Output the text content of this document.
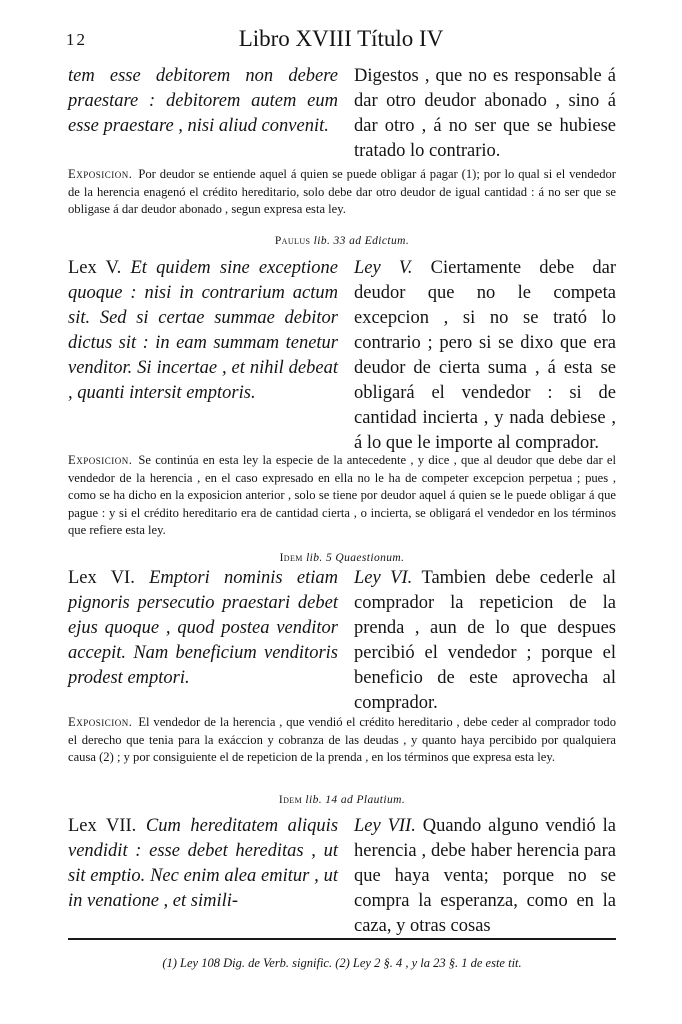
12	Libro XVIII Título IV
tem esse debitorem non debere praestare : debitorem autem eum esse praestare , nisi aliud convenit.
Digestos , que no es responsable á dar otro deudor abonado , sino á dar otro , á no ser que se hubiese tratado lo contrario.
Exposicion. Por deudor se entiende aquel á quien se puede obligar á pagar (1); por lo qual si el vendedor de la herencia enagenó el crédito hereditario, solo debe dar otro deudor de igual cantidad : á no ser que se obligase á dar deudor abonado , segun expresa esta ley.
Paulus lib. 33 ad Edictum.
Lex V. Et quidem sine exceptione quoque : nisi in contrarium actum sit. Sed si certae summae debitor dictus sit : in eam summam tenetur venditor. Si incertae , et nihil debeat , quanti intersit emptoris.
Ley V. Ciertamente debe dar deudor que no le competa excepcion , si no se trató lo contrario ; pero si se dixo que era deudor de cierta suma , á esta se obligará el vendedor : si de cantidad incierta , y nada debiese , á lo que le importe al comprador.
Exposicion. Se continúa en esta ley la especie de la antecedente , y dice , que al deudor que debe dar el vendedor de la herencia , en el caso expresado en ella no le ha de competer excepcion perpetua ; pues , como se ha dicho en la exposicion anterior , solo se tiene por deudor aquel á quien se le puede obligar á que pague : y si el crédito hereditario era de cantidad cierta , o incierta, se obligará el vendedor en los términos que refiere esta ley.
Idem lib. 5 Quaestionum.
Lex VI. Emptori nominis etiam pignoris persecutio praestari debet ejus quoque , quod postea venditor accepit. Nam beneficium venditoris prodest emptori.
Ley VI. Tambien debe cederle al comprador la repeticion de la prenda , aun de lo que despues percibió el vendedor ; porque el beneficio de este aprovecha al comprador.
Exposicion. El vendedor de la herencia , que vendió el crédito hereditario , debe ceder al comprador todo el derecho que tenia para la exáccion y cobranza de las deudas , y quanto haya percibido por qualquiera causa (2) ; y por consiguiente el de repeticion de la prenda , en los términos que expresa esta ley.
Idem lib. 14 ad Plautium.
Lex VII. Cum hereditatem aliquis vendidit : esse debet hereditas , ut sit emptio. Nec enim alea emitur , ut in venatione , et simili-
Ley VII. Quando alguno vendió la herencia , debe haber herencia para que haya venta; porque no se compra la esperanza, como en la caza, y otras cosas
(1) Ley 108 Dig. de Verb. signific. (2) Ley 2 §. 4 , y la 23 §. 1 de este tit.
